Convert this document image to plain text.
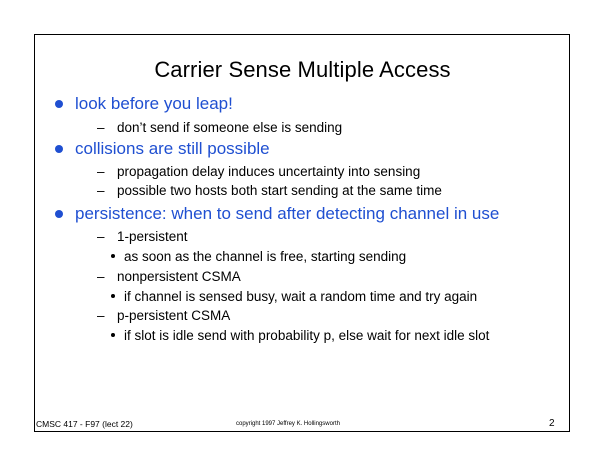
Carrier Sense Multiple Access
look before you leap!
– don’t send if someone else is sending
collisions are still possible
– propagation delay induces uncertainty into sensing
– possible two hosts both start sending at the same time
persistence: when to send after detecting channel in use
– 1-persistent
as soon as the channel is free, starting sending
– nonpersistent CSMA
if channel is sensed busy, wait a random time and try again
– p-persistent CSMA
if slot is idle send with probability p, else wait for next idle slot
CMSC 417 - F97 (lect 22)	copyright 1997 Jeffrey K. Hollingsworth	2
